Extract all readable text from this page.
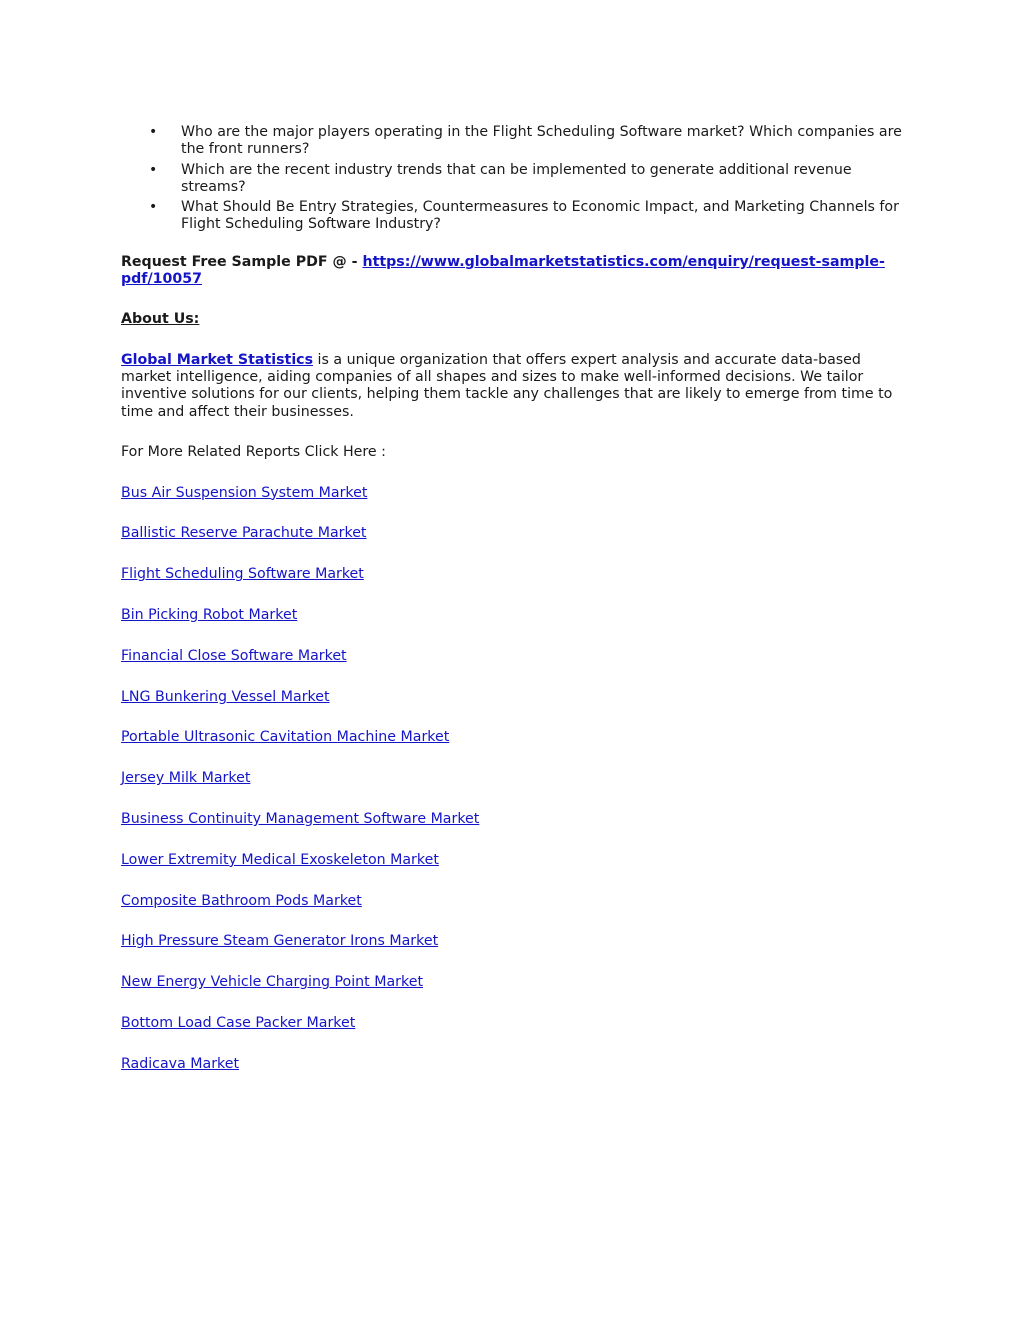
• Who are the major players operating in the Flight Scheduling Software market? Which companies are the front runners?
• Which are the recent industry trends that can be implemented to generate additional revenue streams?
• What Should Be Entry Strategies, Countermeasures to Economic Impact, and Marketing Channels for Flight Scheduling Software Industry?
Request Free Sample PDF @ - https://www.globalmarketstatistics.com/enquiry/request-sample-pdf/10057
About Us:
Global Market Statistics is a unique organization that offers expert analysis and accurate data-based market intelligence, aiding companies of all shapes and sizes to make well-informed decisions. We tailor inventive solutions for our clients, helping them tackle any challenges that are likely to emerge from time to time and affect their businesses.
For More Related Reports Click Here :
Bus Air Suspension System Market
Ballistic Reserve Parachute Market
Flight Scheduling Software Market
Bin Picking Robot Market
Financial Close Software Market
LNG Bunkering Vessel Market
Portable Ultrasonic Cavitation Machine Market
Jersey Milk Market
Business Continuity Management Software Market
Lower Extremity Medical Exoskeleton Market
Composite Bathroom Pods Market
High Pressure Steam Generator Irons Market
New Energy Vehicle Charging Point Market
Bottom Load Case Packer Market
Radicava Market
